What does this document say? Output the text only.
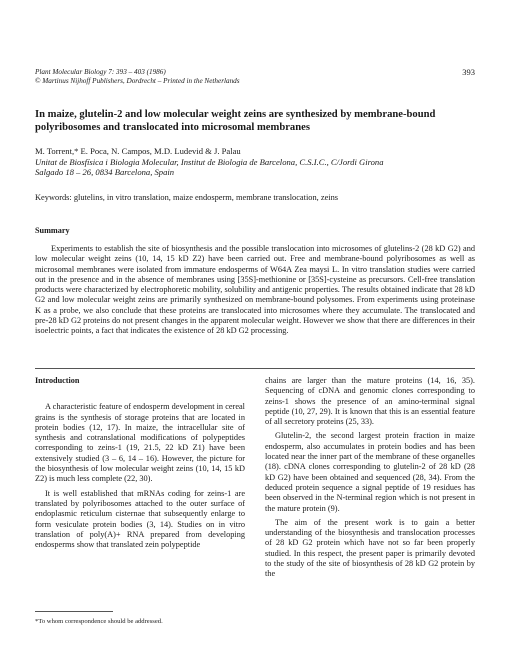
Plant Molecular Biology 7: 393 – 403 (1986)
© Martinus Nijhoff Publishers, Dordrecht – Printed in the Netherlands
393
In maize, glutelin-2 and low molecular weight zeins are synthesized by membrane-bound polyribosomes and translocated into microsomal membranes
M. Torrent,* E. Poca, N. Campos, M.D. Ludevid & J. Palau
Unitat de Biosfísica i Biologia Molecular, Institut de Biologia de Barcelona, C.S.I.C., C/Jordi Girona
Salgado 18 – 26, 0834 Barcelona, Spain
Keywords: glutelins, in vitro translation, maize endosperm, membrane translocation, zeins
Summary

Experiments to establish the site of biosynthesis and the possible translocation into microsomes of glutelins-2 (28 kD G2) and low molecular weight zeins (10, 14, 15 kD Z2) have been carried out. Free and membrane-bound polyribosomes as well as microsomal membranes were isolated from immature endosperms of W64A Zea maysi L. In vitro translation studies were carried out in the presence and in the absence of membranes using [35S]-methionine or [35S]-cysteine as precursors. Cell-free translation products were characterized by electrophoretic mobility, solubility and antigenic properties. The results obtained indicate that 28 kD G2 and low molecular weight zeins are primarily synthesized on membrane-bound polysomes. From experiments using proteinase K as a probe, we also conclude that these proteins are translocated into microsomes where they accumulate. The translocated and pre-28 kD G2 proteins do not present changes in the apparent molecular weight. However we show that there are differences in their isoelectric points, a fact that indicates the existence of 28 kD G2 processing.

Introduction

A characteristic feature of endosperm development in cereal grains is the synthesis of storage proteins that are located in protein bodies (12, 17). In maize, the intracellular site of synthesis and cotranslational modifications of polypeptides corresponding to zeins-1 (19, 21.5, 22 kD Z1) have been extensively studied (3 – 6, 14 – 16). However, the picture for the biosynthesis of low molecular weight zeins (10, 14, 15 kD Z2) is much less complete (22, 30).

It is well established that mRNAs coding for zeins-1 are translated by polyribosomes attached to the outer surface of endoplasmic reticulum cisternae that subsequently enlarge to form vesiculate protein bodies (3, 14). Studies on in vitro translation of poly(A)+ RNA prepared from developing endosperms show that translated zein polypeptide

chains are larger than the mature proteins (14, 16, 35). Sequencing of cDNA and genomic clones corresponding to zeins-1 shows the presence of an amino-terminal signal peptide (10, 27, 29). It is known that this is an essential feature of all secretory proteins (25, 33).

Glutelin-2, the second largest protein fraction in maize endosperm, also accumulates in protein bodies and has been located near the inner part of the membrane of these organelles (18). cDNA clones corresponding to glutelin-2 of 28 kD (28 kD G2) have been obtained and sequenced (28, 34). From the deduced protein sequence a signal peptide of 19 residues has been observed in the N-terminal region which is not present in the mature protein (9).

The aim of the present work is to gain a better understanding of the biosynthesis and translocation processes of 28 kD G2 protein which have not so far been properly studied. In this respect, the present paper is primarily devoted to the study of the site of biosynthesis of 28 kD G2 protein by the

*To whom correspondence should be addressed.
